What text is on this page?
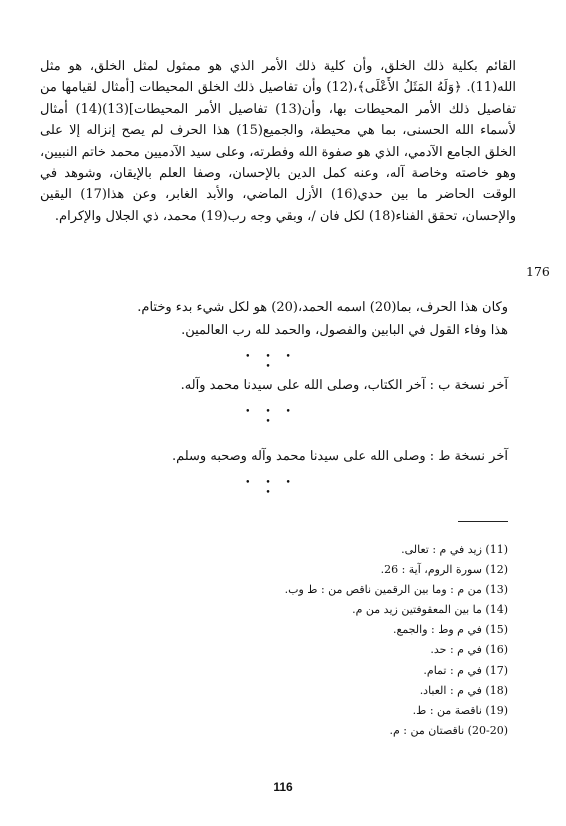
القائم بكلية ذلك الخلق، وأن كلية ذلك الأمر الذي هو ممثول لمثل الخلق، هو مثل الله(11). ﴿وَلَهُ المَثَلُ الأَعْلَى﴾،(12) وأن تفاصيل ذلك الخلق المحيطات [أمثال لقيامها من تفاصيل ذلك الأمر المحيطات بها، وأن(13) تفاصيل الأمر المحيطات](13)(14) أمثال لأسماء الله الحسنى، بما هي محيطة، والجميع(15) هذا الحرف لم يصح إنزاله إلا على الخلق الجامع الآدمي، الذي هو صفوة الله وفطرته، وعلى سيد الآدميين محمد خاتم النبيين، وهو خاصته وخاصة آله، وعنه كمل الدين بالإحسان، وصفا العلم بالإيقان، وشوهد في الوقت الحاضر ما بين حدي(16) الأزل الماضي، والأبد الغابر، وعن هذا(17) اليقين والإحسان، تحقق الفناء(18) لكل فان /، وبقي وجه رب(19) محمد، ذي الجلال والإكرام.
176
وكان هذا الحرف، بما(20) اسمه الحمد،(20) هو لكل شيء بدء وختام.
هذا وفاء القول في البابين والفصول، والحمد لله رب العالمين.
• • • •
آخر نسخة ب : آخر الكتاب، وصلى الله على سيدنا محمد وآله.
• • • •
آخر نسخة ط : وصلى الله على سيدنا محمد وآله وصحبه وسلم.
• • • •
(11) زيد في م : تعالى.
(12) سورة الروم، آية : 26.
(13) من م : وما بين الرقمين ناقص من : ط وب.
(14) ما بين المعقوفتين زيد من م.
(15) في م وط : والجمع.
(16) في م : حد.
(17) في م : تمام.
(18) في م : العباد.
(19) ناقصة من : ط.
(20-20) ناقصتان من : م.
116
